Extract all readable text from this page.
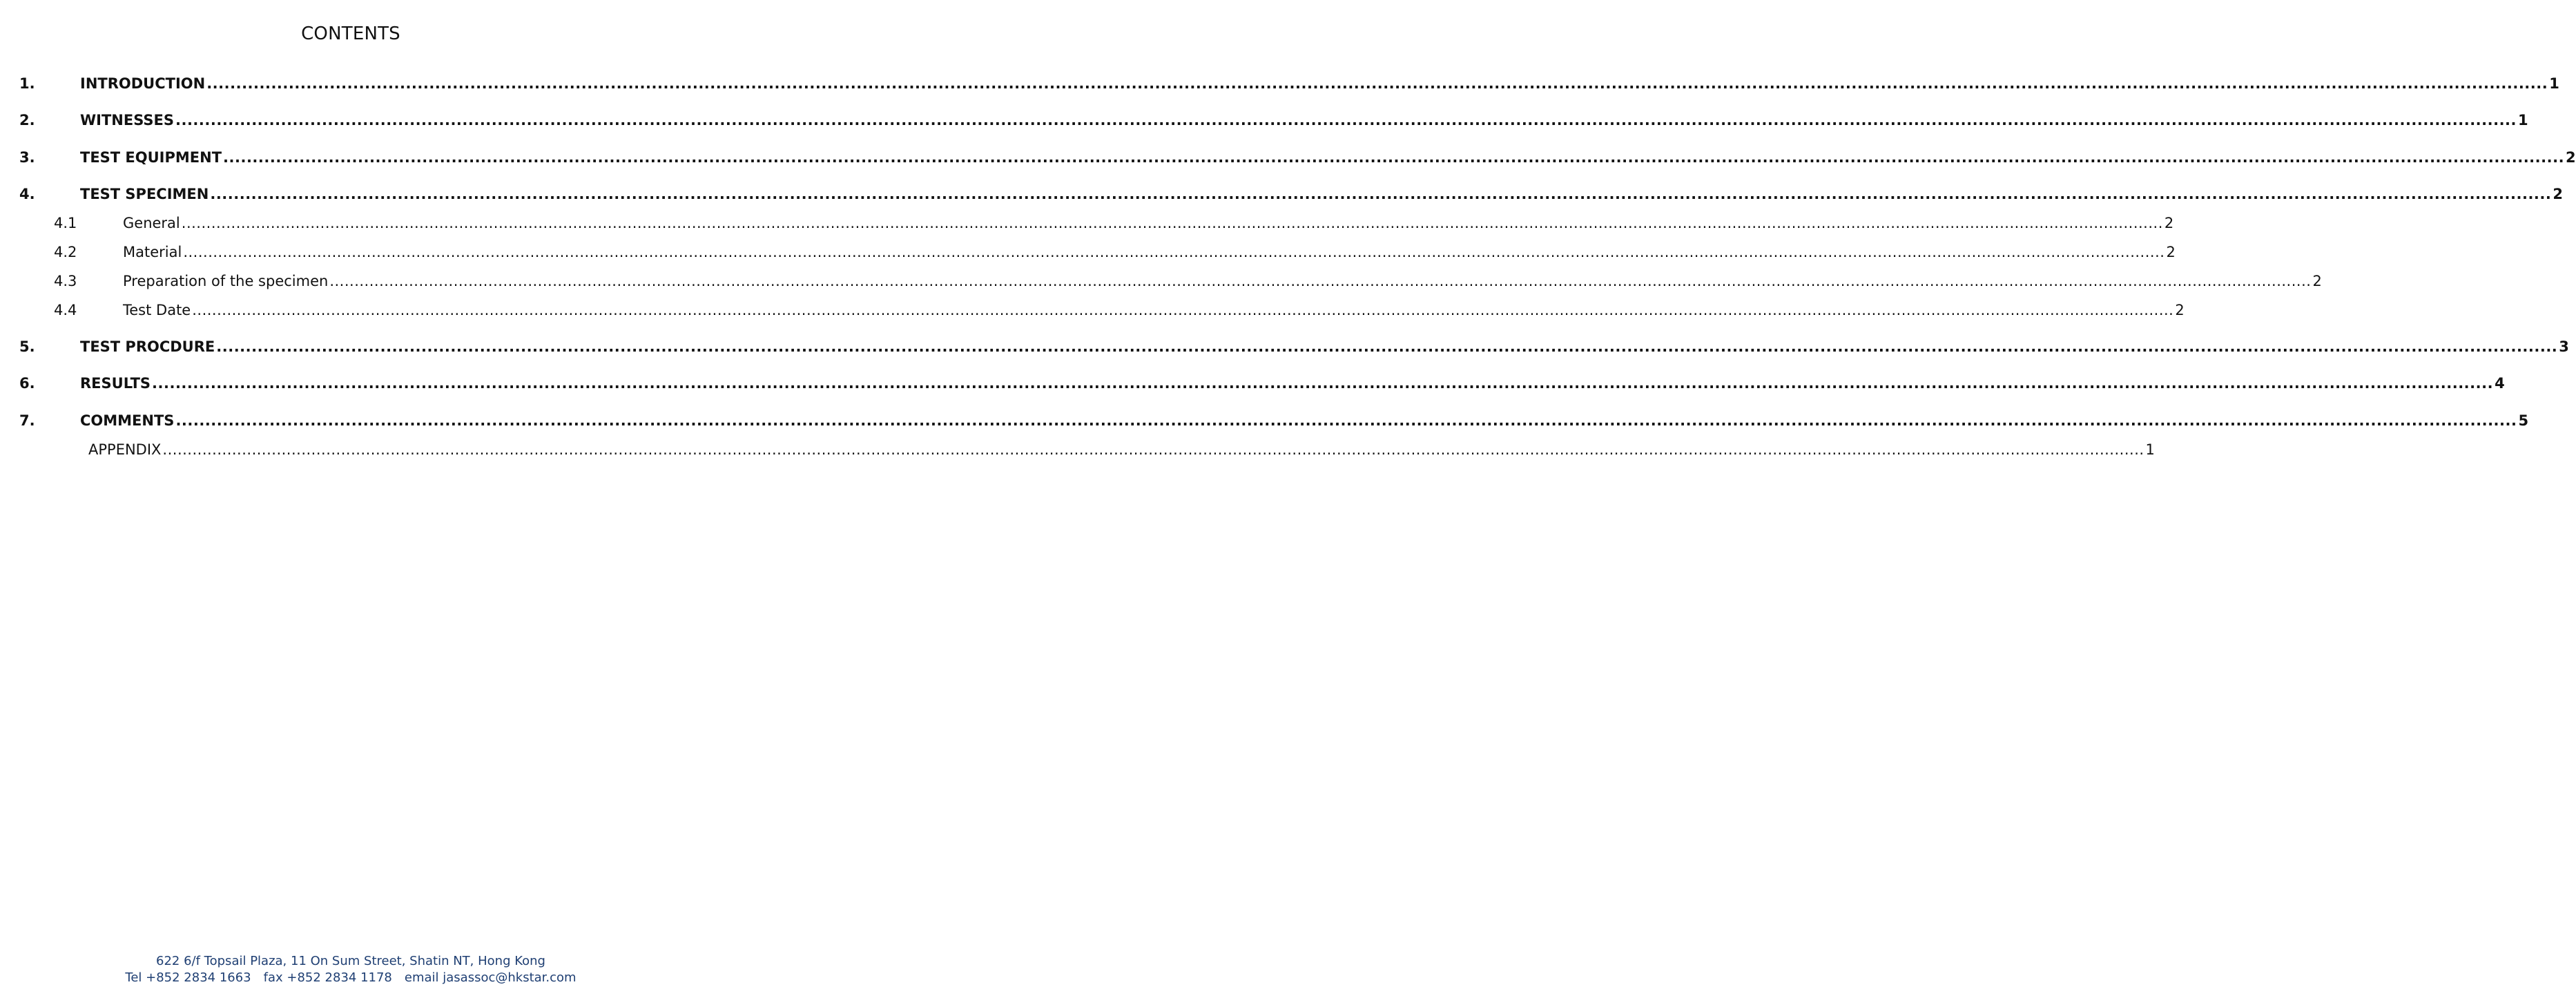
CONTENTS
1.	INTRODUCTION ................................................................................................................................................................................................................................................................................................................................................................................................................ 1
2.	WITNESSES ................................................................................................................................................................................................................................................................................................................................................................................................................ 1
3.	TEST EQUIPMENT ................................................................................................................................................................................................................................................................................................................................................................................................................ 2
4.	TEST SPECIMEN ................................................................................................................................................................................................................................................................................................................................................................................................................ 2
4.1	General ................................................................................................................................................................................................................................................................................................................................................................................................................ 2
4.2	Material ................................................................................................................................................................................................................................................................................................................................................................................................................ 2
4.3	Preparation of the specimen ................................................................................................................................................................................................................................................................................................................................................................................................................ 2
4.4	Test Date ................................................................................................................................................................................................................................................................................................................................................................................................................ 2
5.	TEST PROCDURE ................................................................................................................................................................................................................................................................................................................................................................................................................ 3
6.	RESULTS ................................................................................................................................................................................................................................................................................................................................................................................................................ 4
7.	COMMENTS ................................................................................................................................................................................................................................................................................................................................................................................................................ 5
APPENDIX ................................................................................................................................................................................................................................................................................................................................................................................................................ 1
622 6/f Topsail Plaza, 11 On Sum Street, Shatin NT, Hong Kong
Tel +852 2834 1663 fax +852 2834 1178 email jasassoc@hkstar.com
